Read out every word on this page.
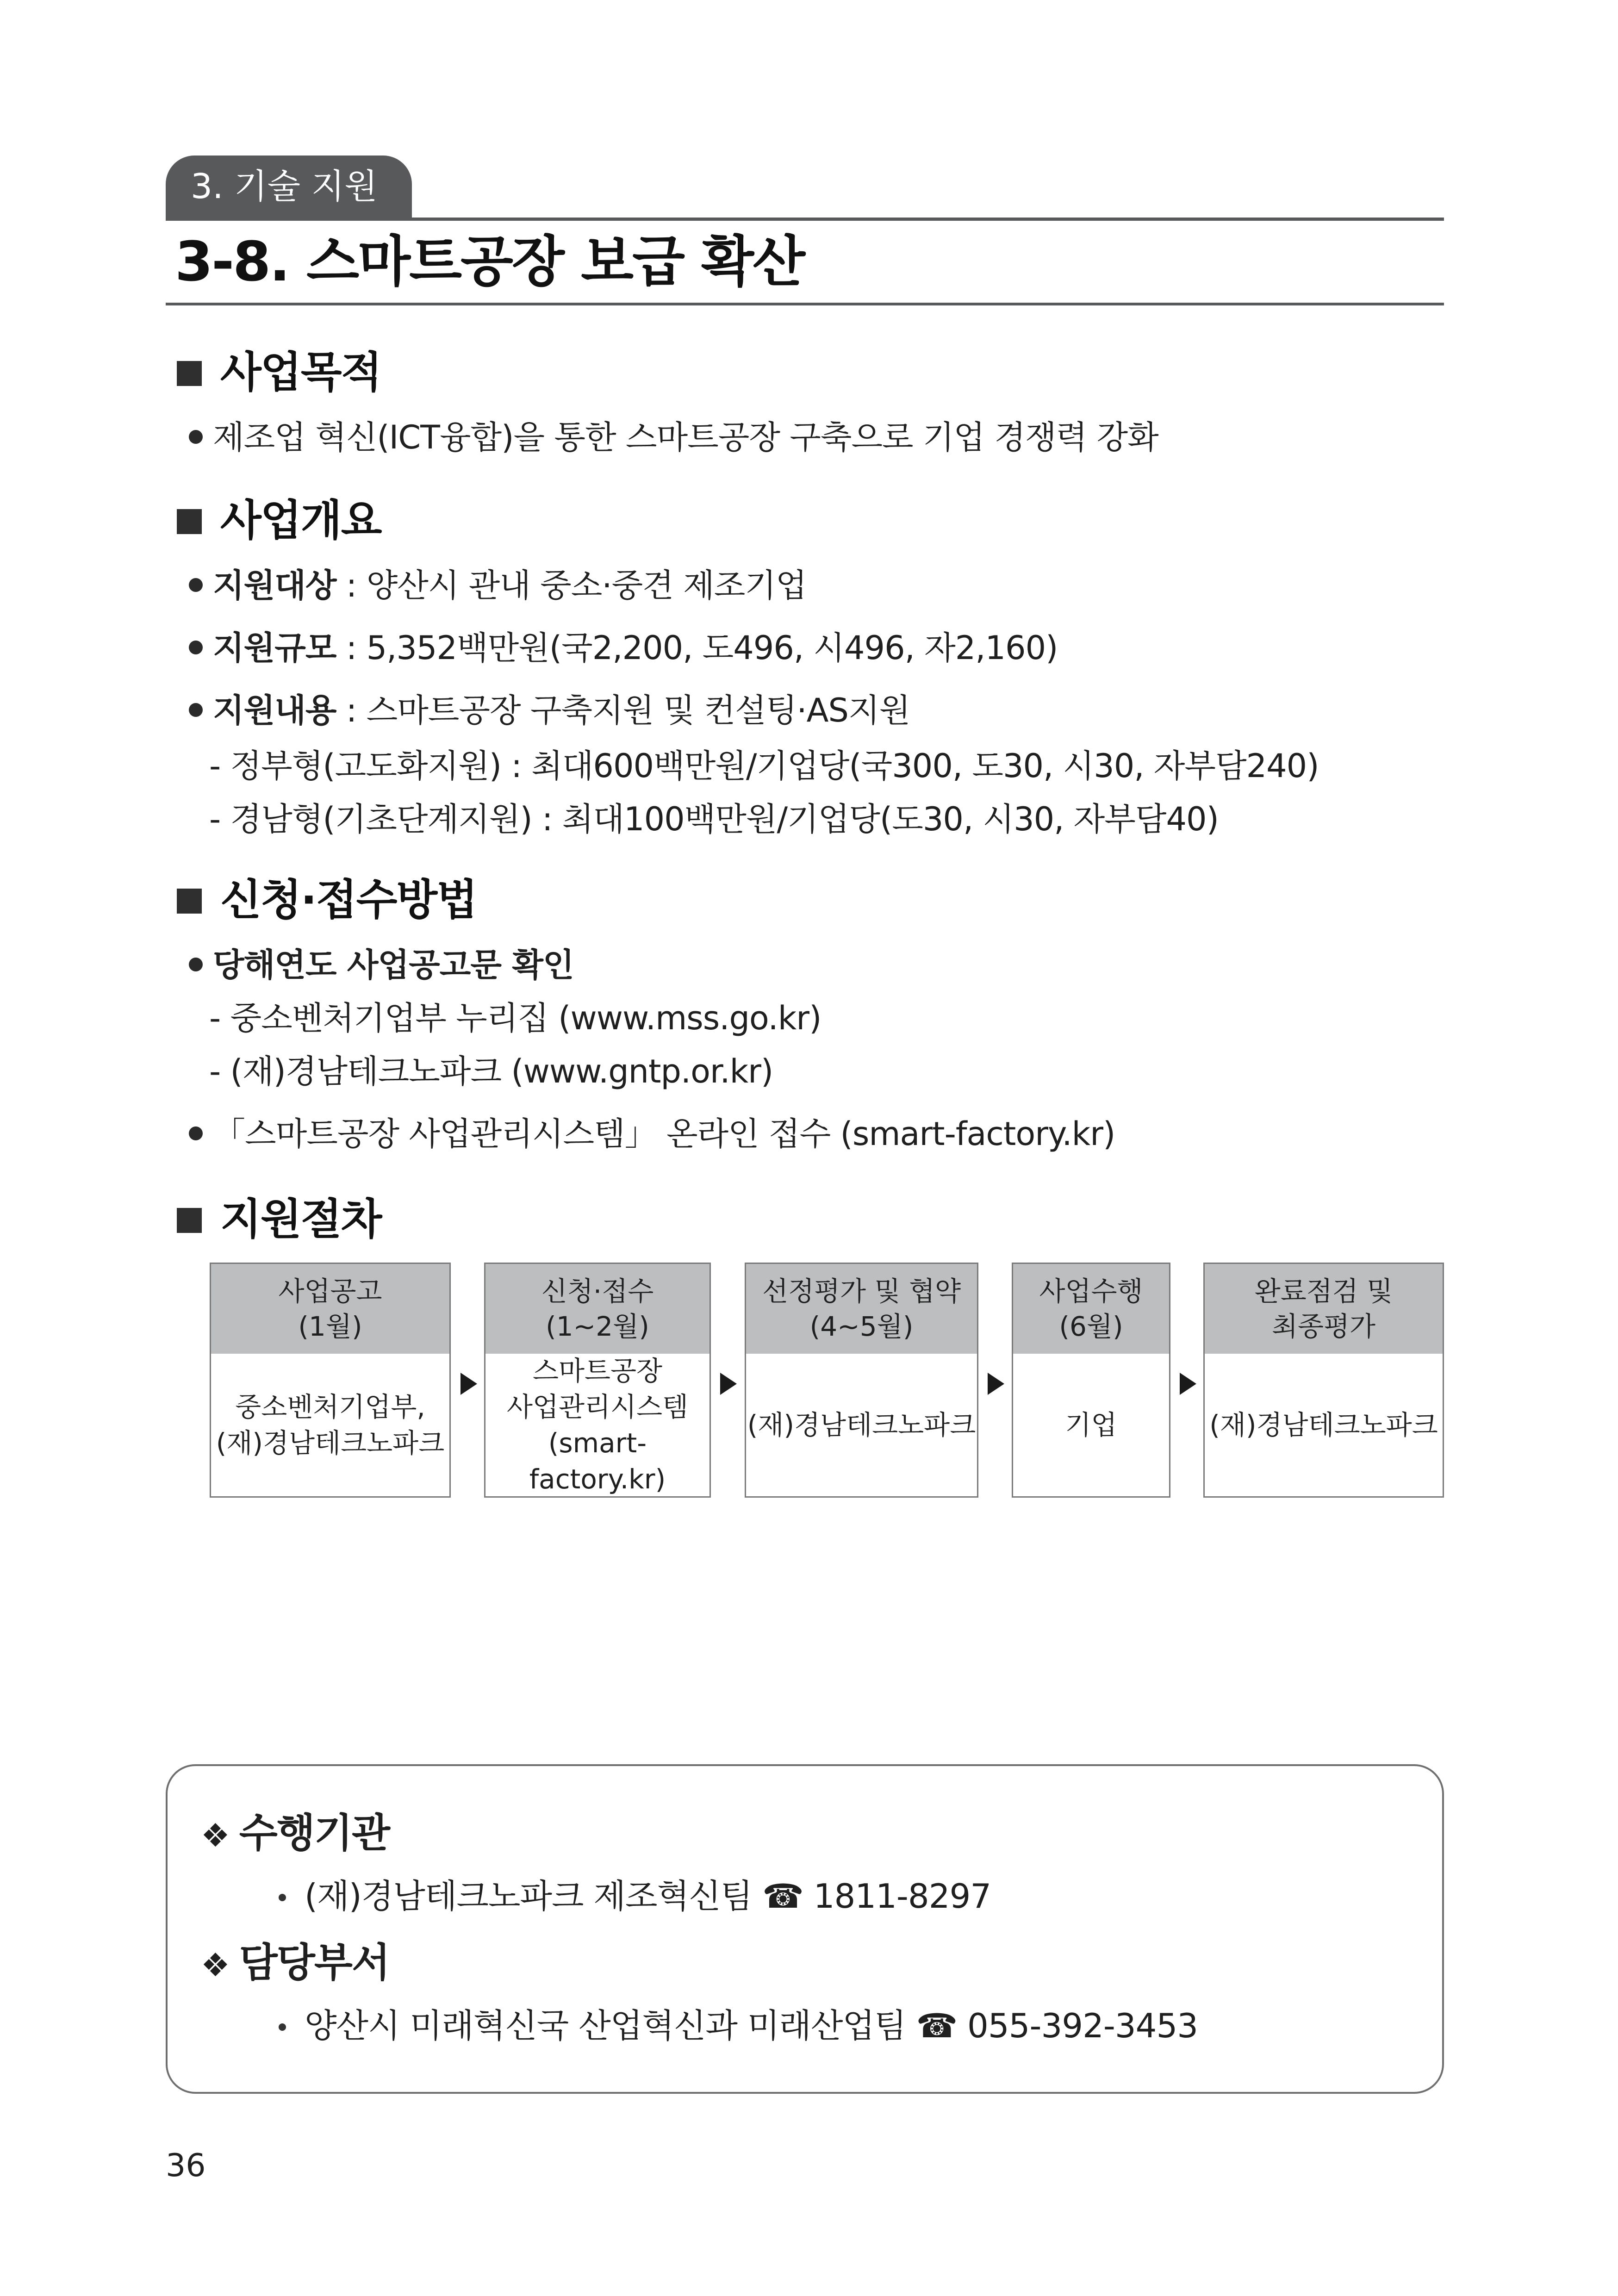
3. 기술 지원
3-8. 스마트공장 보급 확산
사업목적
제조업 혁신(ICT융합)을 통한 스마트공장 구축으로 기업 경쟁력 강화
사업개요
지원대상 : 양산시 관내 중소·중견 제조기업
지원규모 : 5,352백만원(국2,200, 도496, 시496, 자2,160)
지원내용 : 스마트공장 구축지원 및 컨설팅·AS지원
- 정부형(고도화지원) : 최대600백만원/기업당(국300, 도30, 시30, 자부담240)
- 경남형(기초단계지원) : 최대100백만원/기업당(도30, 시30, 자부담40)
신청·접수방법
당해연도 사업공고문 확인
- 중소벤처기업부 누리집 (www.mss.go.kr)
- (재)경남테크노파크 (www.gntp.or.kr)
「스마트공장 사업관리시스템」 온라인 접수 (smart-factory.kr)
지원절차
사업공고
(1월)
중소벤처기업부,
(재)경남테크노파크
신청·접수
(1~2월)
스마트공장
사업관리시스템
(smart-factory.kr)
선정평가 및 협약
(4~5월)
(재)경남테크노파크
사업수행
(6월)
기업
완료점검 및
최종평가
(재)경남테크노파크
❖ 수행기관
(재)경남테크노파크 제조혁신팀 ☎ 1811-8297
❖ 담당부서
양산시 미래혁신국 산업혁신과 미래산업팀 ☎ 055-392-3453
36
